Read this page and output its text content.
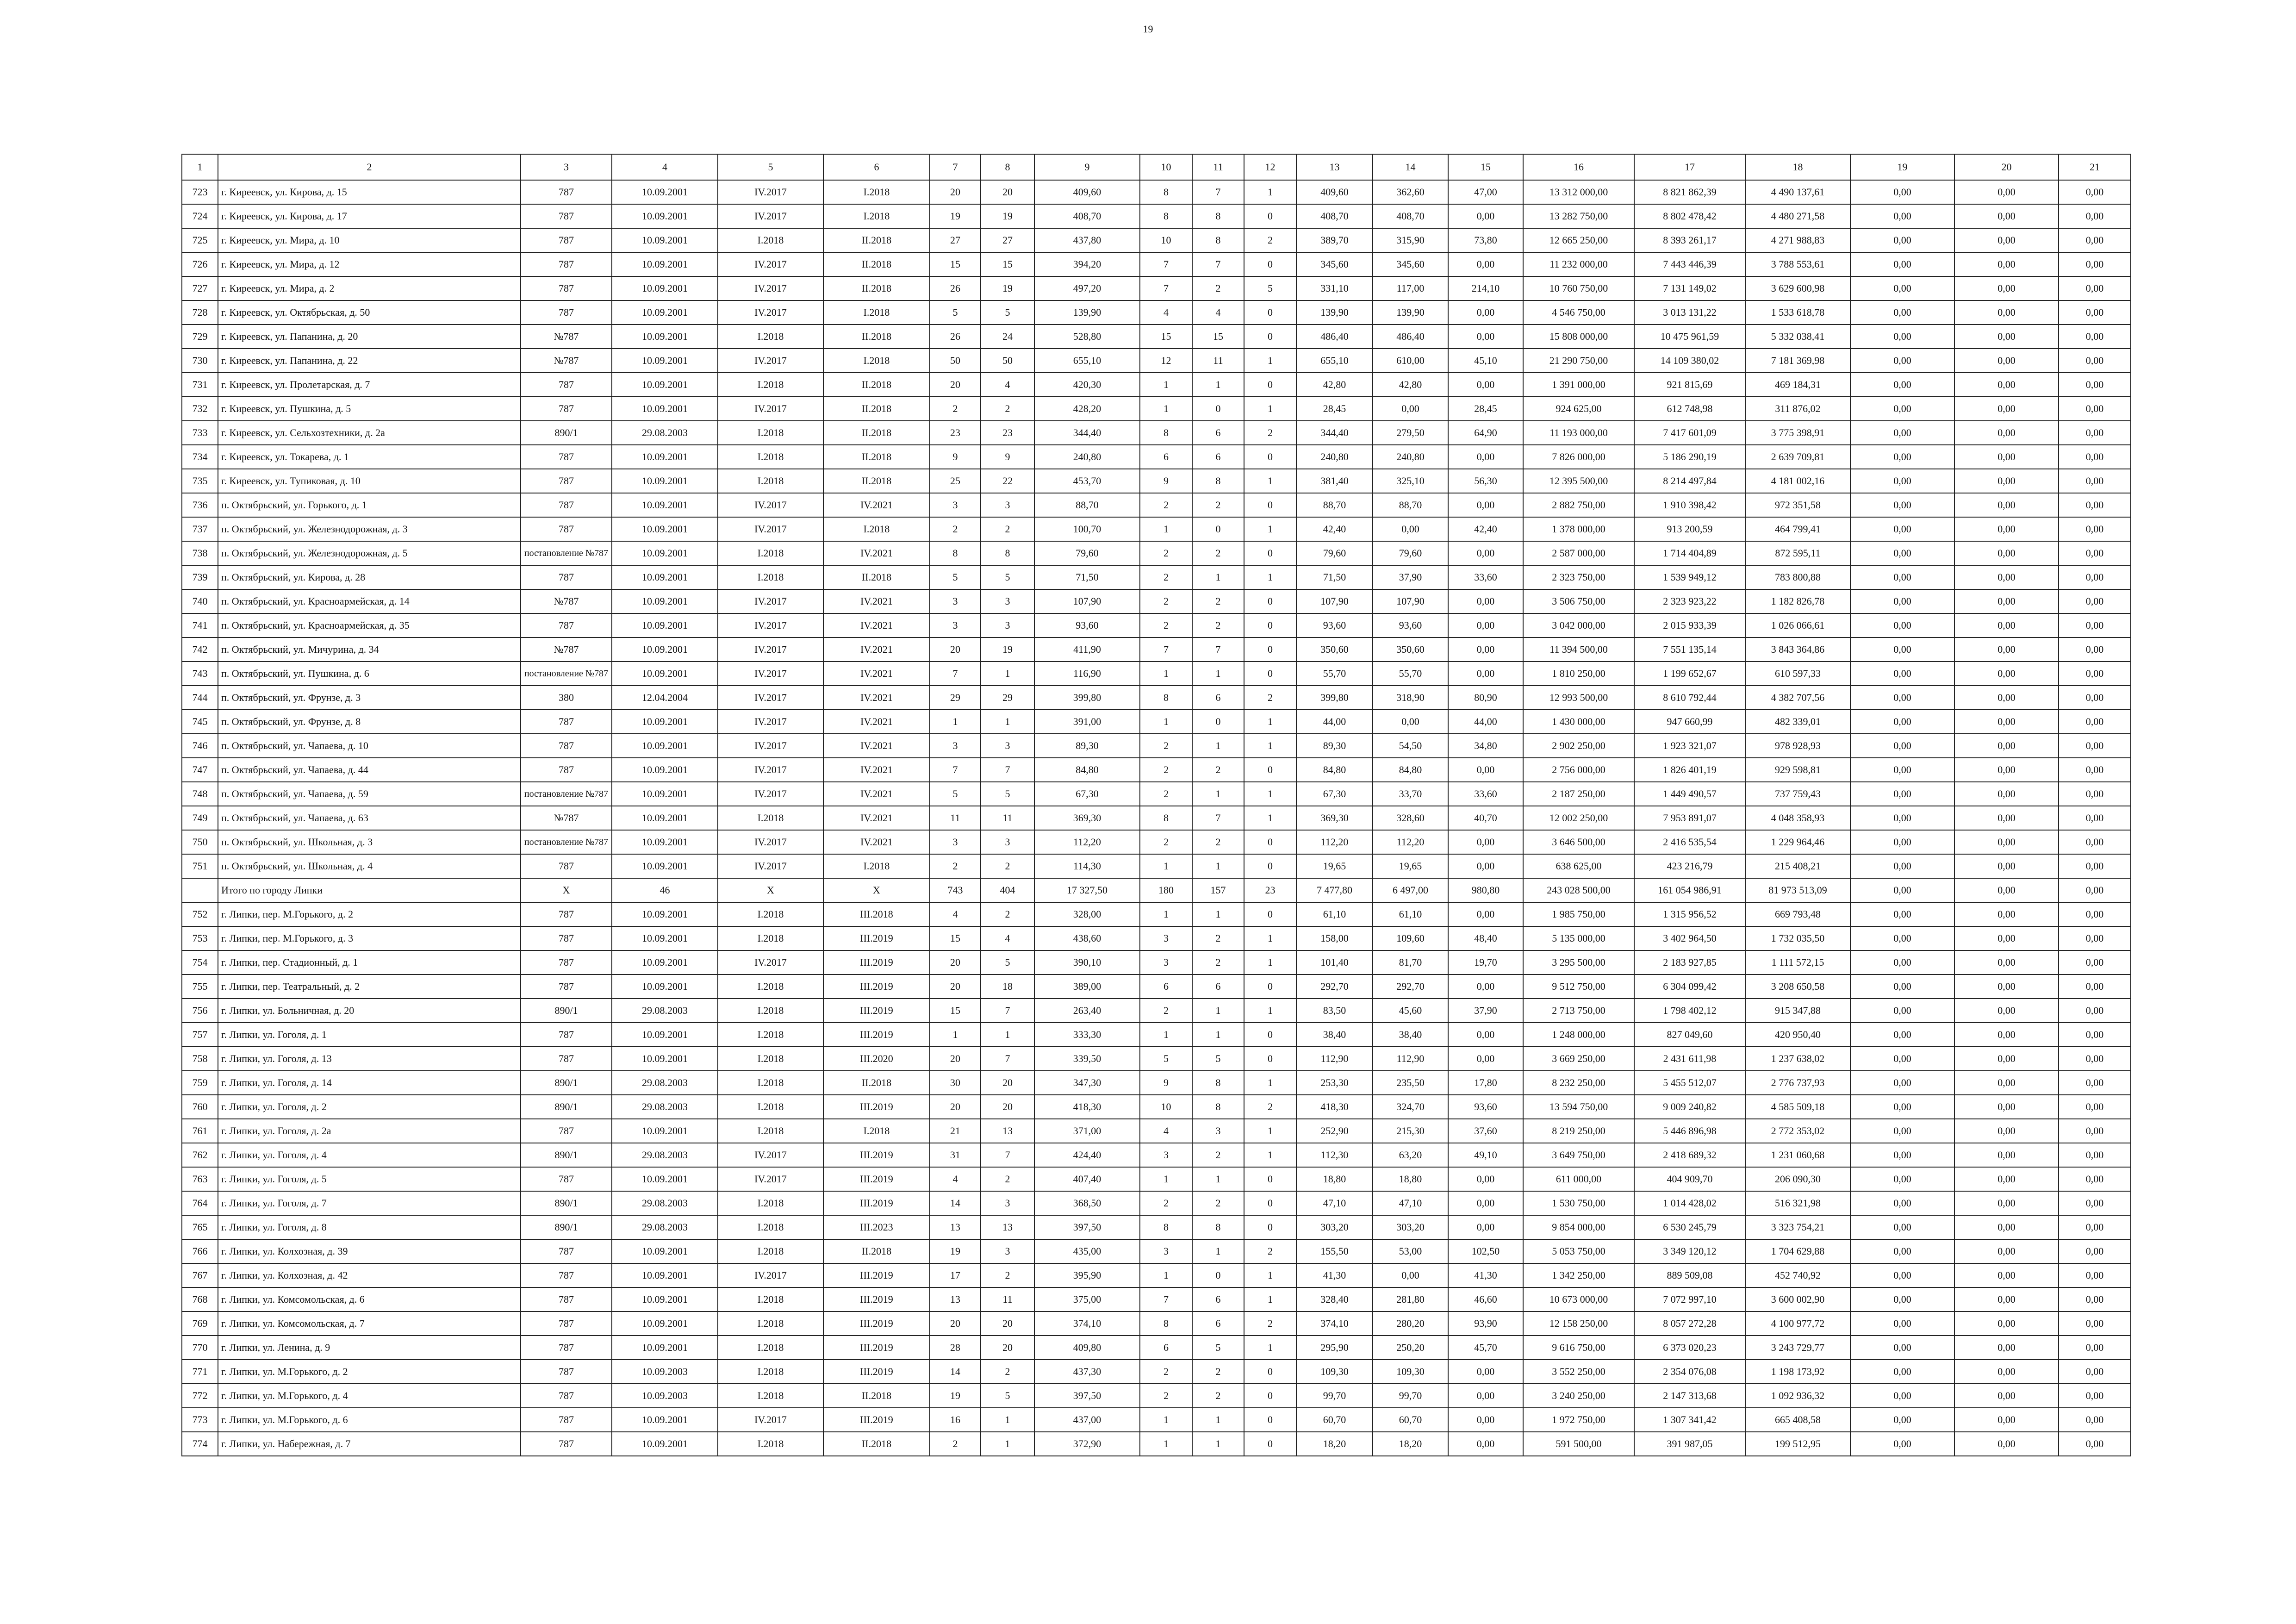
19
1	2	3	4	5	6	7	8	9	10	11	12	13	14	15	16	17	18	19	20	21
723	г. Киреевск, ул. Кирова, д. 15	787	10.09.2001	IV.2017	I.2018	20	20	409,60	8	7	1	409,60	362,60	47,00	13 312 000,00	8 821 862,39	4 490 137,61	0,00	0,00	0,00
724	г. Киреевск, ул. Кирова, д. 17	787	10.09.2001	IV.2017	I.2018	19	19	408,70	8	8	0	408,70	408,70	0,00	13 282 750,00	8 802 478,42	4 480 271,58	0,00	0,00	0,00
725	г. Киреевск, ул. Мира, д. 10	787	10.09.2001	I.2018	II.2018	27	27	437,80	10	8	2	389,70	315,90	73,80	12 665 250,00	8 393 261,17	4 271 988,83	0,00	0,00	0,00
726	г. Киреевск, ул. Мира, д. 12	787	10.09.2001	IV.2017	II.2018	15	15	394,20	7	7	0	345,60	345,60	0,00	11 232 000,00	7 443 446,39	3 788 553,61	0,00	0,00	0,00
727	г. Киреевск, ул. Мира, д. 2	787	10.09.2001	IV.2017	II.2018	26	19	497,20	7	2	5	331,10	117,00	214,10	10 760 750,00	7 131 149,02	3 629 600,98	0,00	0,00	0,00
728	г. Киреевск, ул. Октябрьская, д. 50	787	10.09.2001	IV.2017	I.2018	5	5	139,90	4	4	0	139,90	139,90	0,00	4 546 750,00	3 013 131,22	1 533 618,78	0,00	0,00	0,00
729	г. Киреевск, ул. Папанина, д. 20	№787	10.09.2001	I.2018	II.2018	26	24	528,80	15	15	0	486,40	486,40	0,00	15 808 000,00	10 475 961,59	5 332 038,41	0,00	0,00	0,00
730	г. Киреевск, ул. Папанина, д. 22	№787	10.09.2001	IV.2017	I.2018	50	50	655,10	12	11	1	655,10	610,00	45,10	21 290 750,00	14 109 380,02	7 181 369,98	0,00	0,00	0,00
731	г. Киреевск, ул. Пролетарская, д. 7	787	10.09.2001	I.2018	II.2018	20	4	420,30	1	1	0	42,80	42,80	0,00	1 391 000,00	921 815,69	469 184,31	0,00	0,00	0,00
732	г. Киреевск, ул. Пушкина, д. 5	787	10.09.2001	IV.2017	II.2018	2	2	428,20	1	0	1	28,45	0,00	28,45	924 625,00	612 748,98	311 876,02	0,00	0,00	0,00
733	г. Киреевск, ул. Сельхозтехники, д. 2а	890/1	29.08.2003	I.2018	II.2018	23	23	344,40	8	6	2	344,40	279,50	64,90	11 193 000,00	7 417 601,09	3 775 398,91	0,00	0,00	0,00
734	г. Киреевск, ул. Токарева, д. 1	787	10.09.2001	I.2018	II.2018	9	9	240,80	6	6	0	240,80	240,80	0,00	7 826 000,00	5 186 290,19	2 639 709,81	0,00	0,00	0,00
735	г. Киреевск, ул. Тупиковая, д. 10	787	10.09.2001	I.2018	II.2018	25	22	453,70	9	8	1	381,40	325,10	56,30	12 395 500,00	8 214 497,84	4 181 002,16	0,00	0,00	0,00
736	п. Октябрьский, ул. Горького, д. 1	787	10.09.2001	IV.2017	IV.2021	3	3	88,70	2	2	0	88,70	88,70	0,00	2 882 750,00	1 910 398,42	972 351,58	0,00	0,00	0,00
737	п. Октябрьский, ул. Железнодорожная, д. 3	787	10.09.2001	IV.2017	I.2018	2	2	100,70	1	0	1	42,40	0,00	42,40	1 378 000,00	913 200,59	464 799,41	0,00	0,00	0,00
738	п. Октябрьский, ул. Железнодорожная, д. 5	постановление №787	10.09.2001	I.2018	IV.2021	8	8	79,60	2	2	0	79,60	79,60	0,00	2 587 000,00	1 714 404,89	872 595,11	0,00	0,00	0,00
739	п. Октябрьский, ул. Кирова, д. 28	787	10.09.2001	I.2018	II.2018	5	5	71,50	2	1	1	71,50	37,90	33,60	2 323 750,00	1 539 949,12	783 800,88	0,00	0,00	0,00
740	п. Октябрьский, ул. Красноармейская, д. 14	№787	10.09.2001	IV.2017	IV.2021	3	3	107,90	2	2	0	107,90	107,90	0,00	3 506 750,00	2 323 923,22	1 182 826,78	0,00	0,00	0,00
741	п. Октябрьский, ул. Красноармейская, д. 35	787	10.09.2001	IV.2017	IV.2021	3	3	93,60	2	2	0	93,60	93,60	0,00	3 042 000,00	2 015 933,39	1 026 066,61	0,00	0,00	0,00
742	п. Октябрьский, ул. Мичурина, д. 34	№787	10.09.2001	IV.2017	IV.2021	20	19	411,90	7	7	0	350,60	350,60	0,00	11 394 500,00	7 551 135,14	3 843 364,86	0,00	0,00	0,00
743	п. Октябрьский, ул. Пушкина, д. 6	постановление №787	10.09.2001	IV.2017	IV.2021	7	1	116,90	1	1	0	55,70	55,70	0,00	1 810 250,00	1 199 652,67	610 597,33	0,00	0,00	0,00
744	п. Октябрьский, ул. Фрунзе, д. 3	380	12.04.2004	IV.2017	IV.2021	29	29	399,80	8	6	2	399,80	318,90	80,90	12 993 500,00	8 610 792,44	4 382 707,56	0,00	0,00	0,00
745	п. Октябрьский, ул. Фрунзе, д. 8	787	10.09.2001	IV.2017	IV.2021	1	1	391,00	1	0	1	44,00	0,00	44,00	1 430 000,00	947 660,99	482 339,01	0,00	0,00	0,00
746	п. Октябрьский, ул. Чапаева, д. 10	787	10.09.2001	IV.2017	IV.2021	3	3	89,30	2	1	1	89,30	54,50	34,80	2 902 250,00	1 923 321,07	978 928,93	0,00	0,00	0,00
747	п. Октябрьский, ул. Чапаева, д. 44	787	10.09.2001	IV.2017	IV.2021	7	7	84,80	2	2	0	84,80	84,80	0,00	2 756 000,00	1 826 401,19	929 598,81	0,00	0,00	0,00
748	п. Октябрьский, ул. Чапаева, д. 59	постановление №787	10.09.2001	IV.2017	IV.2021	5	5	67,30	2	1	1	67,30	33,70	33,60	2 187 250,00	1 449 490,57	737 759,43	0,00	0,00	0,00
749	п. Октябрьский, ул. Чапаева, д. 63	№787	10.09.2001	I.2018	IV.2021	11	11	369,30	8	7	1	369,30	328,60	40,70	12 002 250,00	7 953 891,07	4 048 358,93	0,00	0,00	0,00
750	п. Октябрьский, ул. Школьная, д. 3	постановление №787	10.09.2001	IV.2017	IV.2021	3	3	112,20	2	2	0	112,20	112,20	0,00	3 646 500,00	2 416 535,54	1 229 964,46	0,00	0,00	0,00
751	п. Октябрьский, ул. Школьная, д. 4	787	10.09.2001	IV.2017	I.2018	2	2	114,30	1	1	0	19,65	19,65	0,00	638 625,00	423 216,79	215 408,21	0,00	0,00	0,00
	Итого по городу Липки	X	46	X	X	743	404	17 327,50	180	157	23	7 477,80	6 497,00	980,80	243 028 500,00	161 054 986,91	81 973 513,09	0,00	0,00	0,00
752	г. Липки, пер. М.Горького, д. 2	787	10.09.2001	I.2018	III.2018	4	2	328,00	1	1	0	61,10	61,10	0,00	1 985 750,00	1 315 956,52	669 793,48	0,00	0,00	0,00
753	г. Липки, пер. М.Горького, д. 3	787	10.09.2001	I.2018	III.2019	15	4	438,60	3	2	1	158,00	109,60	48,40	5 135 000,00	3 402 964,50	1 732 035,50	0,00	0,00	0,00
754	г. Липки, пер. Стадионный, д. 1	787	10.09.2001	IV.2017	III.2019	20	5	390,10	3	2	1	101,40	81,70	19,70	3 295 500,00	2 183 927,85	1 111 572,15	0,00	0,00	0,00
755	г. Липки, пер. Театральный, д. 2	787	10.09.2001	I.2018	III.2019	20	18	389,00	6	6	0	292,70	292,70	0,00	9 512 750,00	6 304 099,42	3 208 650,58	0,00	0,00	0,00
756	г. Липки, ул. Больничная, д. 20	890/1	29.08.2003	I.2018	III.2019	15	7	263,40	2	1	1	83,50	45,60	37,90	2 713 750,00	1 798 402,12	915 347,88	0,00	0,00	0,00
757	г. Липки, ул. Гоголя, д. 1	787	10.09.2001	I.2018	III.2019	1	1	333,30	1	1	0	38,40	38,40	0,00	1 248 000,00	827 049,60	420 950,40	0,00	0,00	0,00
758	г. Липки, ул. Гоголя, д. 13	787	10.09.2001	I.2018	III.2020	20	7	339,50	5	5	0	112,90	112,90	0,00	3 669 250,00	2 431 611,98	1 237 638,02	0,00	0,00	0,00
759	г. Липки, ул. Гоголя, д. 14	890/1	29.08.2003	I.2018	II.2018	30	20	347,30	9	8	1	253,30	235,50	17,80	8 232 250,00	5 455 512,07	2 776 737,93	0,00	0,00	0,00
760	г. Липки, ул. Гоголя, д. 2	890/1	29.08.2003	I.2018	III.2019	20	20	418,30	10	8	2	418,30	324,70	93,60	13 594 750,00	9 009 240,82	4 585 509,18	0,00	0,00	0,00
761	г. Липки, ул. Гоголя, д. 2а	787	10.09.2001	I.2018	I.2018	21	13	371,00	4	3	1	252,90	215,30	37,60	8 219 250,00	5 446 896,98	2 772 353,02	0,00	0,00	0,00
762	г. Липки, ул. Гоголя, д. 4	890/1	29.08.2003	IV.2017	III.2019	31	7	424,40	3	2	1	112,30	63,20	49,10	3 649 750,00	2 418 689,32	1 231 060,68	0,00	0,00	0,00
763	г. Липки, ул. Гоголя, д. 5	787	10.09.2001	IV.2017	III.2019	4	2	407,40	1	1	0	18,80	18,80	0,00	611 000,00	404 909,70	206 090,30	0,00	0,00	0,00
764	г. Липки, ул. Гоголя, д. 7	890/1	29.08.2003	I.2018	III.2019	14	3	368,50	2	2	0	47,10	47,10	0,00	1 530 750,00	1 014 428,02	516 321,98	0,00	0,00	0,00
765	г. Липки, ул. Гоголя, д. 8	890/1	29.08.2003	I.2018	III.2023	13	13	397,50	8	8	0	303,20	303,20	0,00	9 854 000,00	6 530 245,79	3 323 754,21	0,00	0,00	0,00
766	г. Липки, ул. Колхозная, д. 39	787	10.09.2001	I.2018	II.2018	19	3	435,00	3	1	2	155,50	53,00	102,50	5 053 750,00	3 349 120,12	1 704 629,88	0,00	0,00	0,00
767	г. Липки, ул. Колхозная, д. 42	787	10.09.2001	IV.2017	III.2019	17	2	395,90	1	0	1	41,30	0,00	41,30	1 342 250,00	889 509,08	452 740,92	0,00	0,00	0,00
768	г. Липки, ул. Комсомольская, д. 6	787	10.09.2001	I.2018	III.2019	13	11	375,00	7	6	1	328,40	281,80	46,60	10 673 000,00	7 072 997,10	3 600 002,90	0,00	0,00	0,00
769	г. Липки, ул. Комсомольская, д. 7	787	10.09.2001	I.2018	III.2019	20	20	374,10	8	6	2	374,10	280,20	93,90	12 158 250,00	8 057 272,28	4 100 977,72	0,00	0,00	0,00
770	г. Липки, ул. Ленина, д. 9	787	10.09.2001	I.2018	III.2019	28	20	409,80	6	5	1	295,90	250,20	45,70	9 616 750,00	6 373 020,23	3 243 729,77	0,00	0,00	0,00
771	г. Липки, ул. М.Горького, д. 2	787	10.09.2003	I.2018	III.2019	14	2	437,30	2	2	0	109,30	109,30	0,00	3 552 250,00	2 354 076,08	1 198 173,92	0,00	0,00	0,00
772	г. Липки, ул. М.Горького, д. 4	787	10.09.2003	I.2018	II.2018	19	5	397,50	2	2	0	99,70	99,70	0,00	3 240 250,00	2 147 313,68	1 092 936,32	0,00	0,00	0,00
773	г. Липки, ул. М.Горького, д. 6	787	10.09.2001	IV.2017	III.2019	16	1	437,00	1	1	0	60,70	60,70	0,00	1 972 750,00	1 307 341,42	665 408,58	0,00	0,00	0,00
774	г. Липки, ул. Набережная, д. 7	787	10.09.2001	I.2018	II.2018	2	1	372,90	1	1	0	18,20	18,20	0,00	591 500,00	391 987,05	199 512,95	0,00	0,00	0,00
